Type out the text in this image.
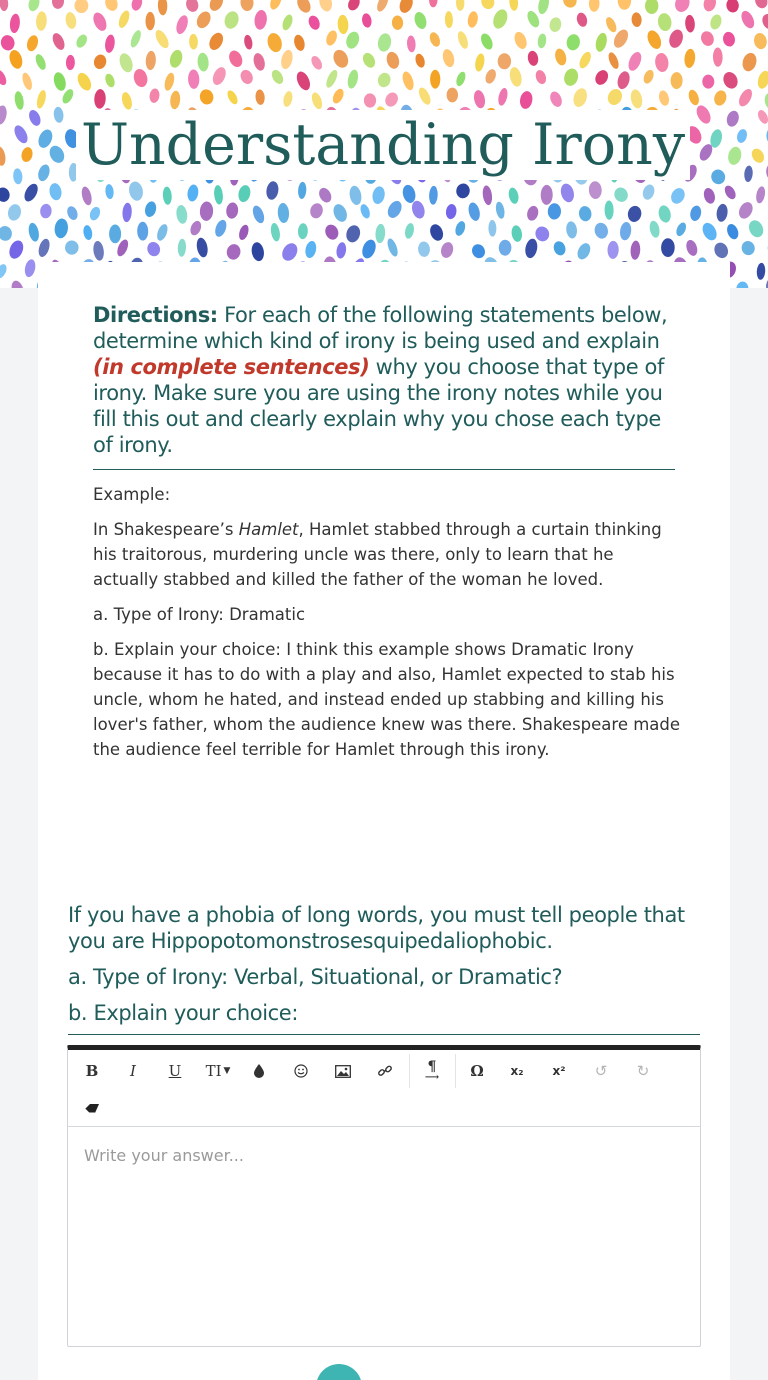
Understanding Irony
Directions: For each of the following statements below, determine which kind of irony is being used and explain (in complete sentences) why you choose that type of irony. Make sure you are using the irony notes while you fill this out and clearly explain why you chose each type of irony.

Example:

In Shakespeare’s Hamlet, Hamlet stabbed through a curtain thinking his traitorous, murdering uncle was there, only to learn that he actually stabbed and killed the father of the woman he loved.

a. Type of Irony: Dramatic

b. Explain your choice: I think this example shows Dramatic Irony because it has to do with a play and also, Hamlet expected to stab his uncle, whom he hated, and instead ended up stabbing and killing his lover's father, whom the audience knew was there. Shakespeare made the audience feel terrible for Hamlet through this irony.

If you have a phobia of long words, you must tell people that you are Hippopotomonstrosesquipedaliophobic.

a. Type of Irony: Verbal, Situational, or Dramatic?

b. Explain your choice:

B	I	U	TI ▼	¶
⟶	Ω	x₂	x²	↺	↻
Write your answer...
